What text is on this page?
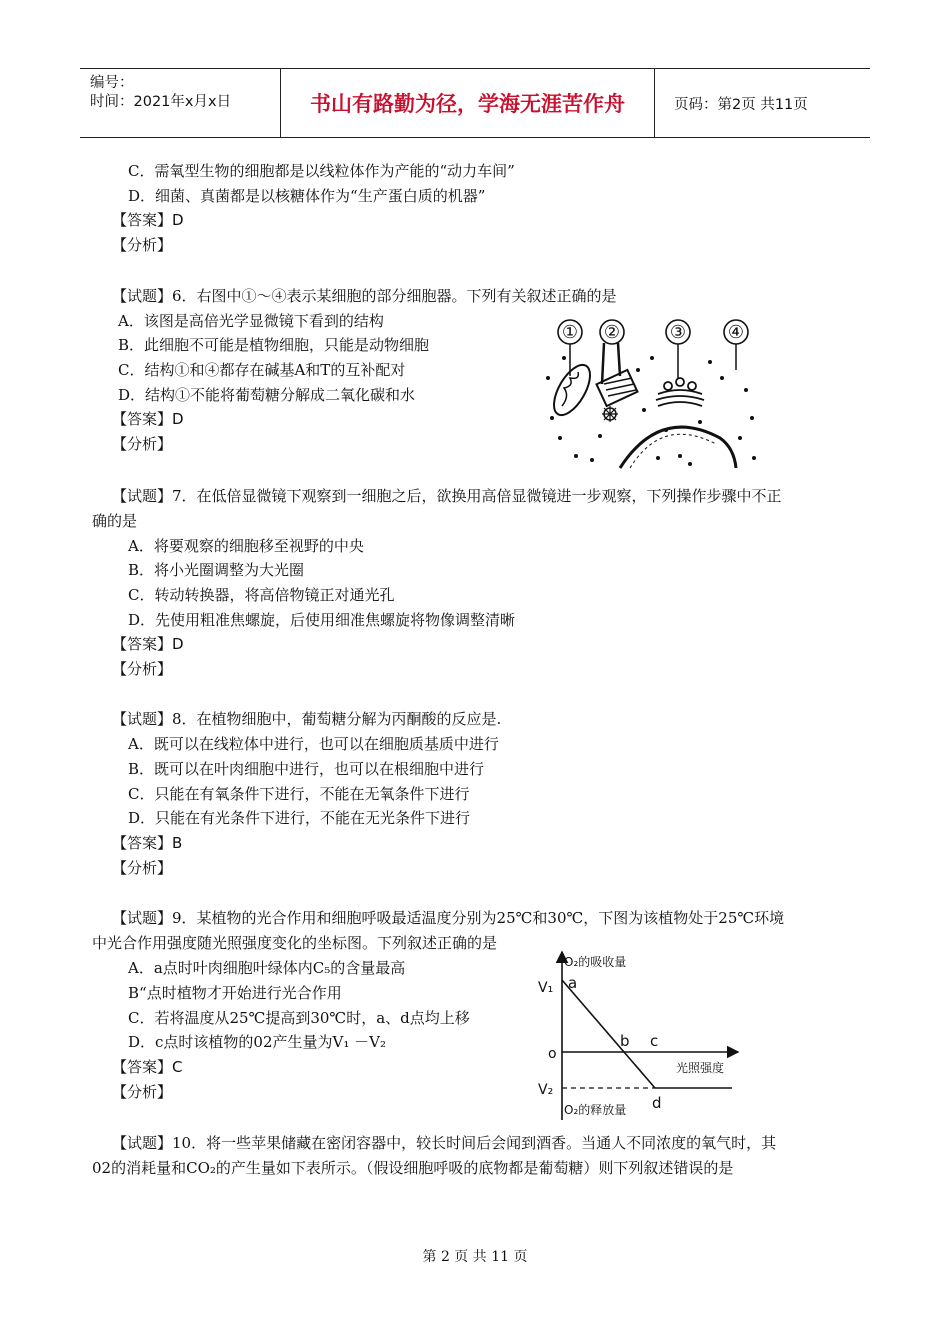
编号：
时间：2021年x月x日	书山有路勤为径，学海无涯苦作舟	页码：第2页 共11页
C．需氧型生物的细胞都是以线粒体作为产能的“动力车间”
D．细菌、真菌都是以核糖体作为“生产蛋白质的机器”
【答案】D
【分析】
【试题】6．右图中①～④表示某细胞的部分细胞器。下列有关叙述正确的是
A．该图是高倍光学显微镜下看到的结构
B．此细胞不可能是植物细胞，只能是动物细胞
C．结构①和④都存在碱基A和T的互补配对
D．结构①不能将葡萄糖分解成二氧化碳和水
【答案】D
【分析】
① ②	③ ④
【试题】7．在低倍显微镜下观察到一细胞之后，欲换用高倍显微镜进一步观察，下列操作步骤中不正
确的是
A．将要观察的细胞移至视野的中央
B．将小光圈调整为大光圈
C．转动转换器，将高倍物镜正对通光孔
D．先使用粗准焦螺旋，后使用细准焦螺旋将物像调整清晰
【答案】D
【分析】
【试题】8．在植物细胞中，葡萄糖分解为丙酮酸的反应是.
A．既可以在线粒体中进行，也可以在细胞质基质中进行
B．既可以在叶肉细胞中进行，也可以在根细胞中进行
C．只能在有氧条件下进行，不能在无氧条件下进行
D．只能在有光条件下进行，不能在无光条件下进行
【答案】B
【分析】
【试题】9．某植物的光合作用和细胞呼吸最适温度分别为25℃和30℃，下图为该植物处于25℃环境
中光合作用强度随光照强度变化的坐标图。下列叙述正确的是
A．a点时叶肉细胞叶绿体内C₅的含量最高
B“点时植物才开始进行光合作用
C．若将温度从25℃提高到30℃时，a、d点均上移
D．c点时该植物的02产生量为V₁ －V₂
【答案】C
【分析】
O₂的吸收量
O₂的释放量
光照强度
V₁
V₂
o
a
b c
d
【试题】10．将一些苹果储藏在密闭容器中，较长时间后会闻到酒香。当通人不同浓度的氧气时，其
02的消耗量和CO₂的产生量如下表所示。（假设细胞呼吸的底物都是葡萄糖）则下列叙述错误的是
第 2 页 共 11 页
